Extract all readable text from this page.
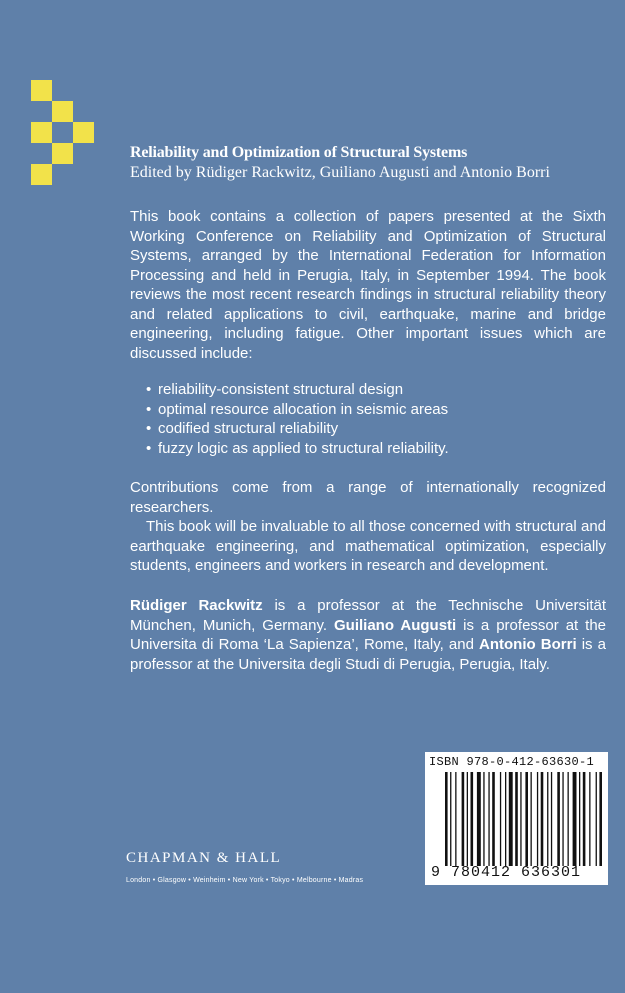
Reliability and Optimization of Structural Systems
Edited by Rüdiger Rackwitz, Guiliano Augusti and Antonio Borri
This book contains a collection of papers presented at the Sixth Working Conference on Reliability and Optimization of Structural Systems, arranged by the International Federation for Information Processing and held in Perugia, Italy, in September 1994. The book reviews the most recent research findings in structural reliability theory and related applications to civil, earthquake, marine and bridge engineering, including fatigue. Other important issues which are discussed include:
• reliability-consistent structural design
• optimal resource allocation in seismic areas
• codified structural reliability
• fuzzy logic as applied to structural reliability.
Contributions come from a range of internationally recognized researchers.
This book will be invaluable to all those concerned with structural and earthquake engineering, and mathematical optimization, especially students, engineers and workers in research and development.
Rüdiger Rackwitz is a professor at the Technische Universität München, Munich, Germany. Guiliano Augusti is a professor at the Universita di Roma ‘La Sapienza’, Rome, Italy, and Antonio Borri is a professor at the Universita degli Studi di Perugia, Perugia, Italy.
ISBN 978-0-412-63630-1
9 780412 636301
CHAPMAN & HALL
London • Glasgow • Weinheim • New York • Tokyo • Melbourne • Madras
